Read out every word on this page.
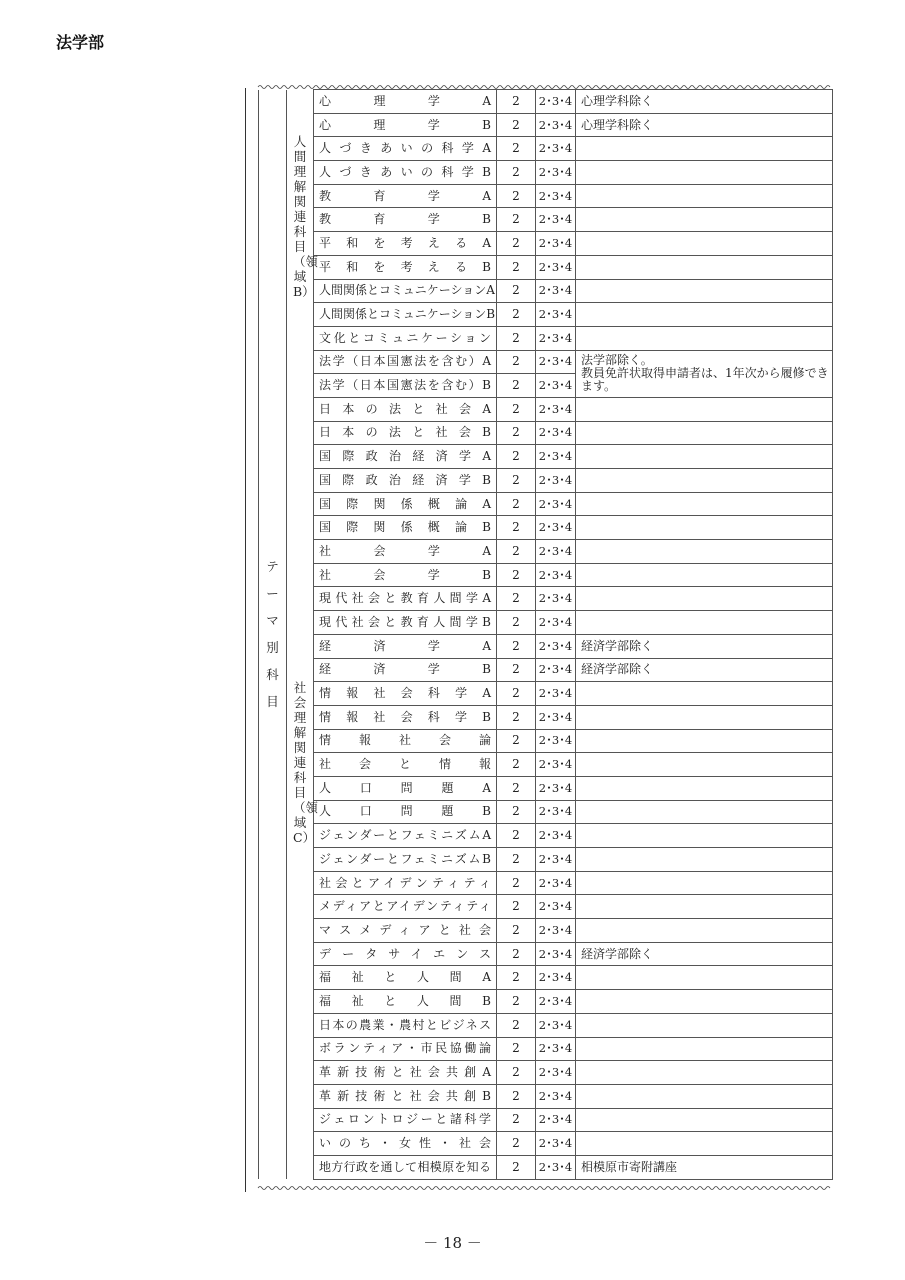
法学部
テーマ別科目	人間理解関連科目（領域B）	心理学A	2	2･3･4	心理学科除く
		心理学B	2	2･3･4	心理学科除く
		人づきあいの科学A	2	2･3･4	
		人づきあいの科学B	2	2･3･4	
		教育学A	2	2･3･4	
		教育学B	2	2･3･4	
		平和を考えるA	2	2･3･4	
		平和を考えるB	2	2･3･4	
		人間関係とコミュニケーションA	2	2･3･4	
		人間関係とコミュニケーションB	2	2･3･4	
		文化とコミュニケーション	2	2･3･4	
	社会理解関連科目（領域C）	法学（日本国憲法を含む）A	2	2･3･4	法学部除く。
教員免許状取得申請者は、1年次から履修できます。
		法学（日本国憲法を含む）B	2	2･3･4	
		日本の法と社会A	2	2･3･4	
		日本の法と社会B	2	2･3･4	
		国際政治経済学A	2	2･3･4	
		国際政治経済学B	2	2･3･4	
		国際関係概論A	2	2･3･4	
		国際関係概論B	2	2･3･4	
		社会学A	2	2･3･4	
		社会学B	2	2･3･4	
		現代社会と教育人間学A	2	2･3･4	
		現代社会と教育人間学B	2	2･3･4	
		経済学A	2	2･3･4	経済学部除く
		経済学B	2	2･3･4	経済学部除く
		情報社会科学A	2	2･3･4	
		情報社会科学B	2	2･3･4	
		情報社会論	2	2･3･4	
		社会と情報	2	2･3･4	
		人口問題A	2	2･3･4	
		人口問題B	2	2･3･4	
		ジェンダーとフェミニズムA	2	2･3･4	
		ジェンダーとフェミニズムB	2	2･3･4	
		社会とアイデンティティ	2	2･3･4	
		メディアとアイデンティティ	2	2･3･4	
		マスメディアと社会	2	2･3･4	
		データサイエンス	2	2･3･4	経済学部除く
		福祉と人間A	2	2･3･4	
		福祉と人間B	2	2･3･4	
		日本の農業・農村とビジネス	2	2･3･4	
		ボランティア・市民協働論	2	2･3･4	
		革新技術と社会共創A	2	2･3･4	
		革新技術と社会共創B	2	2･3･4	
		ジェロントロジーと諸科学	2	2･3･4	
		いのち・女性・社会	2	2･3･4	
		地方行政を通して相模原を知る	2	2･3･4	相模原市寄附講座
－ 18 －
